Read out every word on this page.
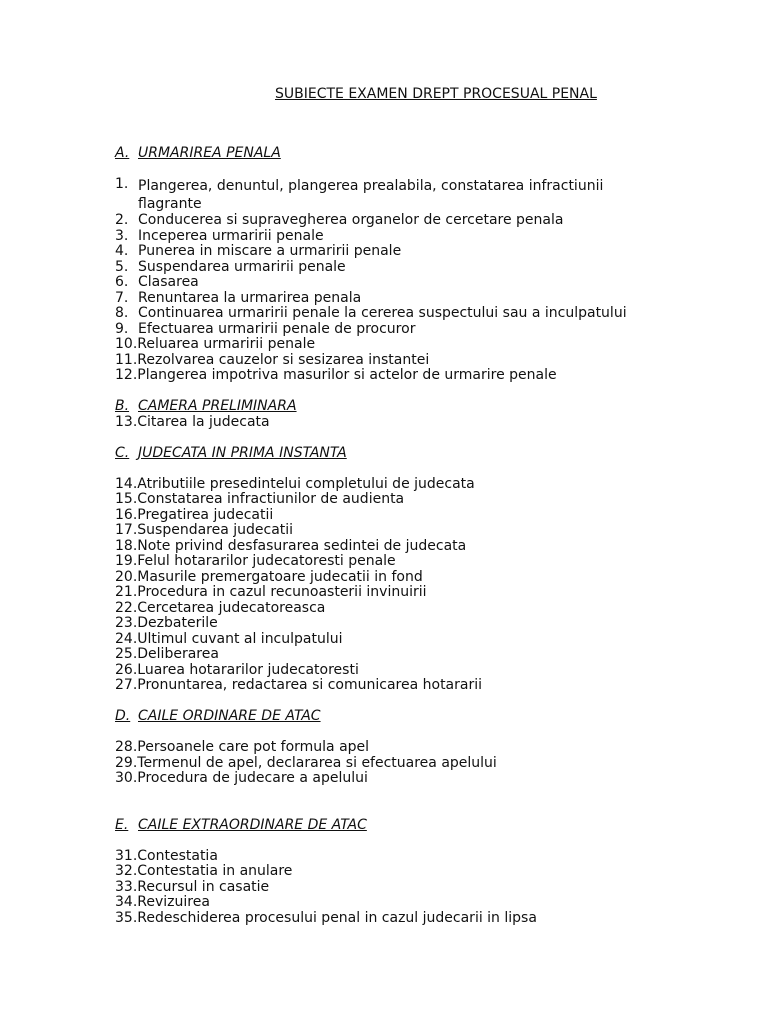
SUBIECTE EXAMEN DREPT PROCESUAL PENAL
A. URMARIREA PENALA
1. Plangerea, denuntul, plangerea prealabila, constatarea infractiunii flagrante
2. Conducerea si supravegherea organelor de cercetare penala
3. Inceperea urmaririi penale
4. Punerea in miscare a urmaririi penale
5. Suspendarea urmaririi penale
6. Clasarea
7. Renuntarea la urmarirea penala
8. Continuarea urmaririi penale la cererea suspectului sau a inculpatului
9. Efectuarea urmaririi penale de procuror
10. Reluarea urmaririi penale
11. Rezolvarea cauzelor si sesizarea instantei
12. Plangerea impotriva masurilor si actelor de urmarire penale
B. CAMERA PRELIMINARA
13. Citarea la judecata
C. JUDECATA IN PRIMA INSTANTA
14. Atributiile presedintelui completului de judecata
15. Constatarea infractiunilor de audienta
16. Pregatirea judecatii
17. Suspendarea judecatii
18. Note privind desfasurarea sedintei de judecata
19. Felul hotararilor judecatoresti penale
20. Masurile premergatoare judecatii in fond
21. Procedura in cazul recunoasterii invinuirii
22. Cercetarea judecatoreasca
23. Dezbaterile
24. Ultimul cuvant al inculpatului
25. Deliberarea
26. Luarea hotararilor judecatoresti
27. Pronuntarea, redactarea si comunicarea hotararii
D. CAILE ORDINARE DE ATAC
28. Persoanele care pot formula apel
29. Termenul de apel, declararea si efectuarea apelului
30. Procedura de judecare a apelului
E. CAILE EXTRAORDINARE DE ATAC
31. Contestatia
32. Contestatia in anulare
33. Recursul in casatie
34. Revizuirea
35. Redeschiderea procesului penal in cazul judecarii in lipsa
